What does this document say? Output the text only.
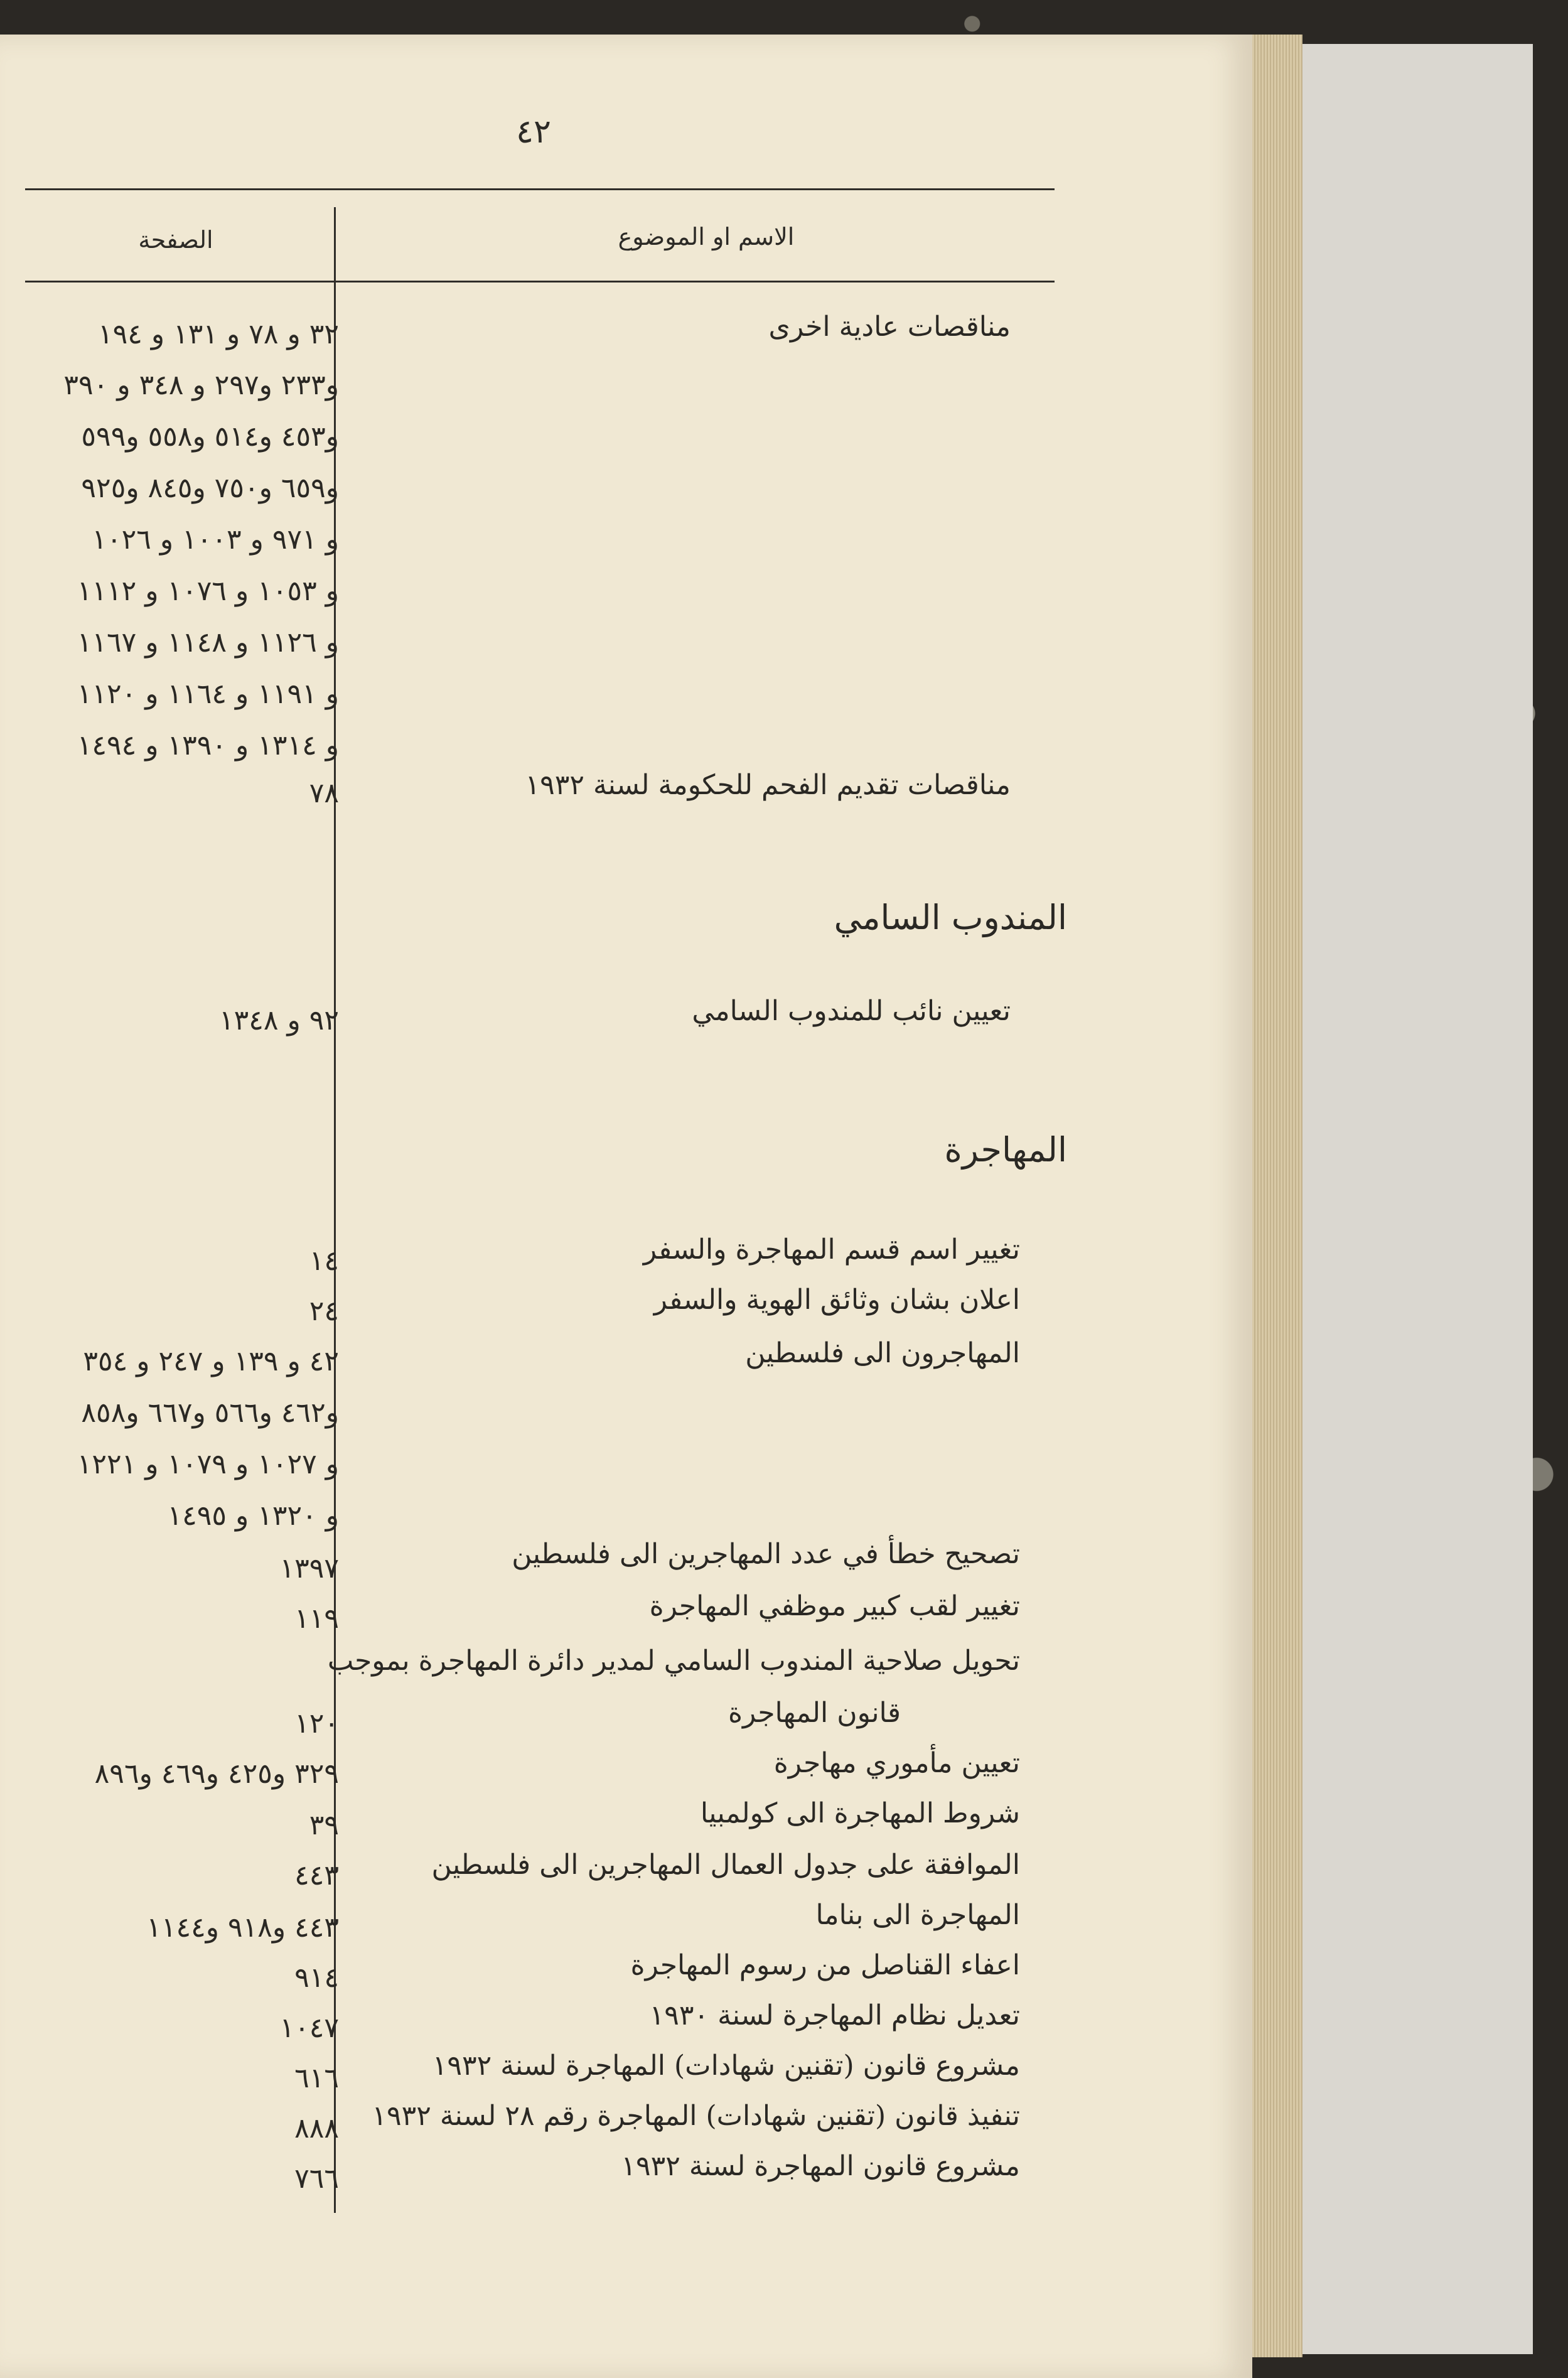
٤٢
الاسم او الموضوع
الصفحة
مناقصات عادية اخرى
٣٢ و ٧٨ و ١٣١ و ١٩٤
و٢٣٣ و٢٩٧ و ٣٤٨ و ٣٩٠
و٤٥٣ و٥١٤ و٥٥٨ و٥٩٩
و٦٥٩ و٧٥٠ و٨٤٥ و٩٢٥
و ٩٧١ و ١٠٠٣ و ١٠٢٦
و ١٠٥٣ و ١٠٧٦ و ١١١٢
و ١١٢٦ و ١١٤٨ و ١١٦٧
و ١١٩١ و ١١٦٤ و ١١٢٠
و ١٣١٤ و ١٣٩٠ و ١٤٩٤
مناقصات تقديم الفحم للحكومة لسنة ١٩٣٢
٧٨
المندوب السامي
تعيين نائب للمندوب السامي
٩٢ و ١٣٤٨
المهاجرة
تغيير اسم قسم المهاجرة والسفر
١٤
اعلان بشان وثائق الهوية والسفر
٢٤
المهاجرون الى فلسطين
٤٢ و ١٣٩ و ٢٤٧ و ٣٥٤
و٤٦٢ و٥٦٦ و٦٦٧ و٨٥٨
و ١٠٢٧ و ١٠٧٩ و ١٢٢١
و ١٣٢٠ و ١٤٩٥
تصحيح خطأ في عدد المهاجرين الى فلسطين
١٣٩٧
تغيير لقب كبير موظفي المهاجرة
١١٩
تحويل صلاحية المندوب السامي لمدير دائرة المهاجرة بموجب
قانون المهاجرة
١٢٠
تعيين مأموري مهاجرة
٣٢٩ و٤٢٥ و٤٦٩ و٨٩٦
شروط المهاجرة الى كولمبيا
٣٩
الموافقة على جدول العمال المهاجرين الى فلسطين
٤٤٣
المهاجرة الى بناما
٤٤٣ و٩١٨ و١١٤٤
اعفاء القناصل من رسوم المهاجرة
٩١٤
تعديل نظام المهاجرة لسنة ١٩٣٠
١٠٤٧
مشروع قانون (تقنين شهادات) المهاجرة لسنة ١٩٣٢
٦١٦
تنفيذ قانون (تقنين شهادات) المهاجرة رقم ٢٨ لسنة ١٩٣٢
٨٨٨
مشروع قانون المهاجرة لسنة ١٩٣٢
٧٦٦
